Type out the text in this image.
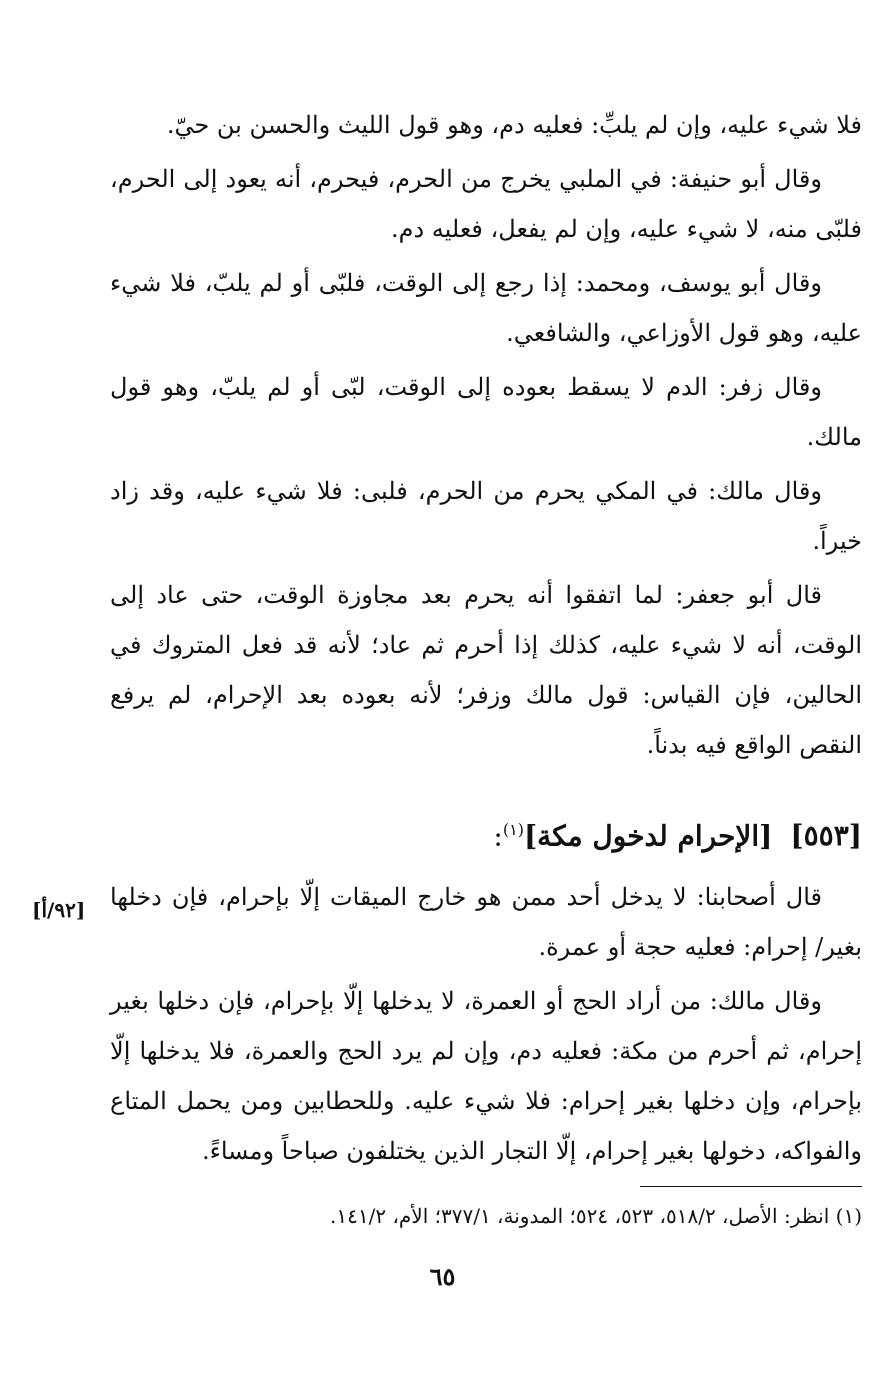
فلا شيء عليه، وإن لم يلبِّ: فعليه دم، وهو قول الليث والحسن بن حيّ.

وقال أبو حنيفة: في الملبي يخرج من الحرم، فيحرم، أنه يعود إلى الحرم، فلبّى منه، لا شيء عليه، وإن لم يفعل، فعليه دم.

وقال أبو يوسف، ومحمد: إذا رجع إلى الوقت، فلبّى أو لم يلبّ، فلا شيء عليه، وهو قول الأوزاعي، والشافعي.

وقال زفر: الدم لا يسقط بعوده إلى الوقت، لبّى أو لم يلبّ، وهو قول مالك.

وقال مالك: في المكي يحرم من الحرم، فلبى: فلا شيء عليه، وقد زاد خيراً.

قال أبو جعفر: لما اتفقوا أنه يحرم بعد مجاوزة الوقت، حتى عاد إلى الوقت، أنه لا شيء عليه، كذلك إذا أحرم ثم عاد؛ لأنه قد فعل المتروك في الحالين، فإن القياس: قول مالك وزفر؛ لأنه بعوده بعد الإحرام، لم يرفع النقص الواقع فيه بدناً.

[٥٥٣][الإحرام لدخول مكة]$^{(١)}$:

قال أصحابنا: لا يدخل أحد ممن هو خارج الميقات إلّا بإحرام، فإن دخلها بغير/ إحرام: فعليه حجة أو عمرة.

وقال مالك: من أراد الحج أو العمرة، لا يدخلها إلّا بإحرام، فإن دخلها بغير إحرام، ثم أحرم من مكة: فعليه دم، وإن لم يرد الحج والعمرة، فلا يدخلها إلّا بإحرام، وإن دخلها بغير إحرام: فلا شيء عليه. وللحطابين ومن يحمل المتاع والفواكه، دخولها بغير إحرام، إلّا التجار الذين يختلفون صباحاً ومساءً.

[٩٢/أ]
(١) انظر: الأصل، ٥١٨/٢، ٥٢٣، ٥٢٤؛ المدونة، ٣٧٧/١؛ الأم، ١٤١/٢.
٦٥
